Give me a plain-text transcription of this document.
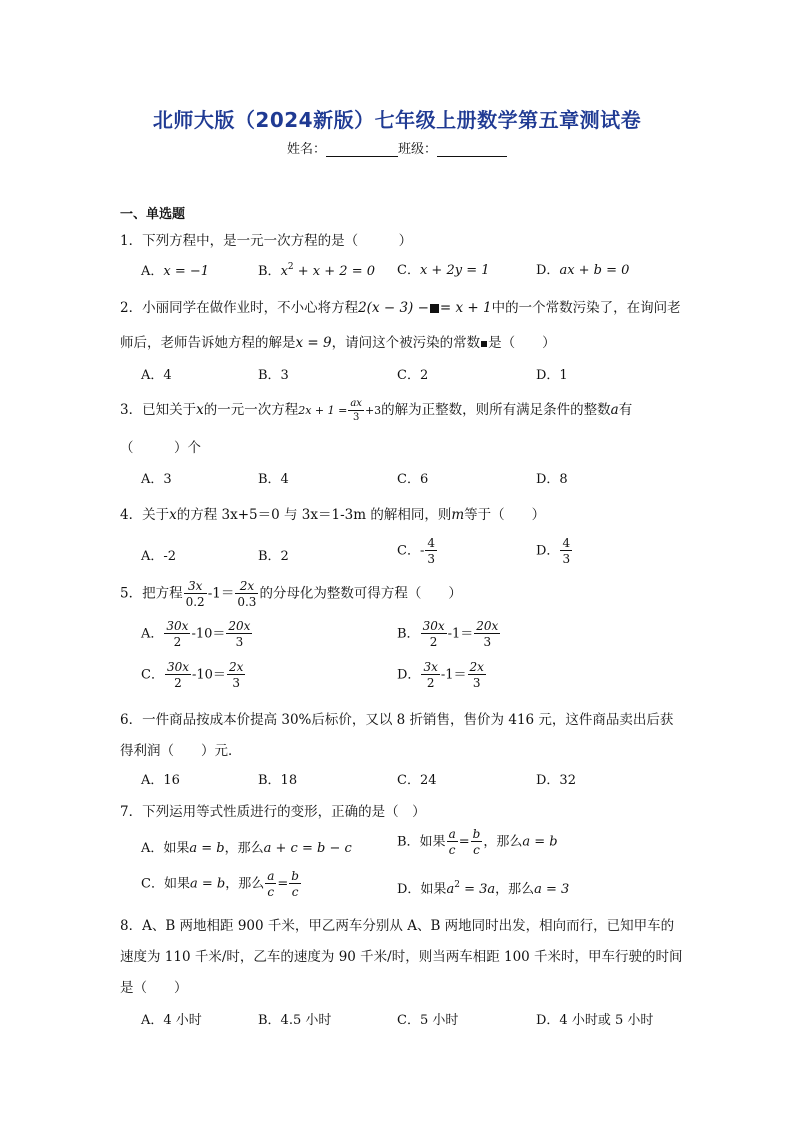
北师大版（2024新版）七年级上册数学第五章测试卷
姓名：	班级：
一、单选题
1．下列方程中，是一元一次方程的是（　　　）
A．x = −1	B．$x^2 + x + 2 = 0$ C．x + 2y = 1	D．ax + b = 0
2．小丽同学在做作业时，不小心将方程2(x − 3) − = x + 1中的一个常数污染了，在询问老
师后，老师告诉她方程的解是x = 9，请问这个被污染的常数 是（　　）
A．4	B．3	C．2	D．1
3．已知关于x的一元一次方程$2x + 1 = \frac{ax}{3} +3$的解为正整数，则所有满足条件的整数a有
（　　　）个
A．3	B．4	C．6	D．8
4．关于x的方程 3x+5＝0 与 3x＝1-3m 的解相同，则m等于（　　）
A．-2	B．2	C．- $\frac{4}{3}$	D． $\frac{4}{3}$
5．把方程 $\frac{3x}{0.2} -1= \frac{2x}{0.3}$ 的分母化为整数可得方程（　　）
A． $\frac{30x}{2} -10= \frac{20x}{3}$	B． $\frac{30x}{2} -1= \frac{20x}{3}$
C． $\frac{30x}{2} -10= \frac{2x}{3}$	D． $\frac{3x}{2} -1= \frac{2x}{3}$
6．一件商品按成本价提高 30%后标价，又以 8 折销售，售价为 416 元，这件商品卖出后获
得利润（　　）元．
A．16	B．18	C．24	D．32
7．下列运用等式性质进行的变形，正确的是（　）
A．如果a = b，那么a + c = b − c	B．如果 $\frac{a}{c} = \frac{b}{c}$ ，那么a = b
C．如果a = b，那么 $\frac{a}{c} = \frac{b}{c}$	D．如果$a^2 = 3a$，那么a = 3
8．A、B 两地相距 900 千米，甲乙两车分别从 A、B 两地同时出发，相向而行，已知甲车的
速度为 110 千米/时，乙车的速度为 90 千米/时，则当两车相距 100 千米时，甲车行驶的时间
是（　　）
A．4 小时	B．4.5 小时	C．5 小时	D．4 小时或 5 小时
